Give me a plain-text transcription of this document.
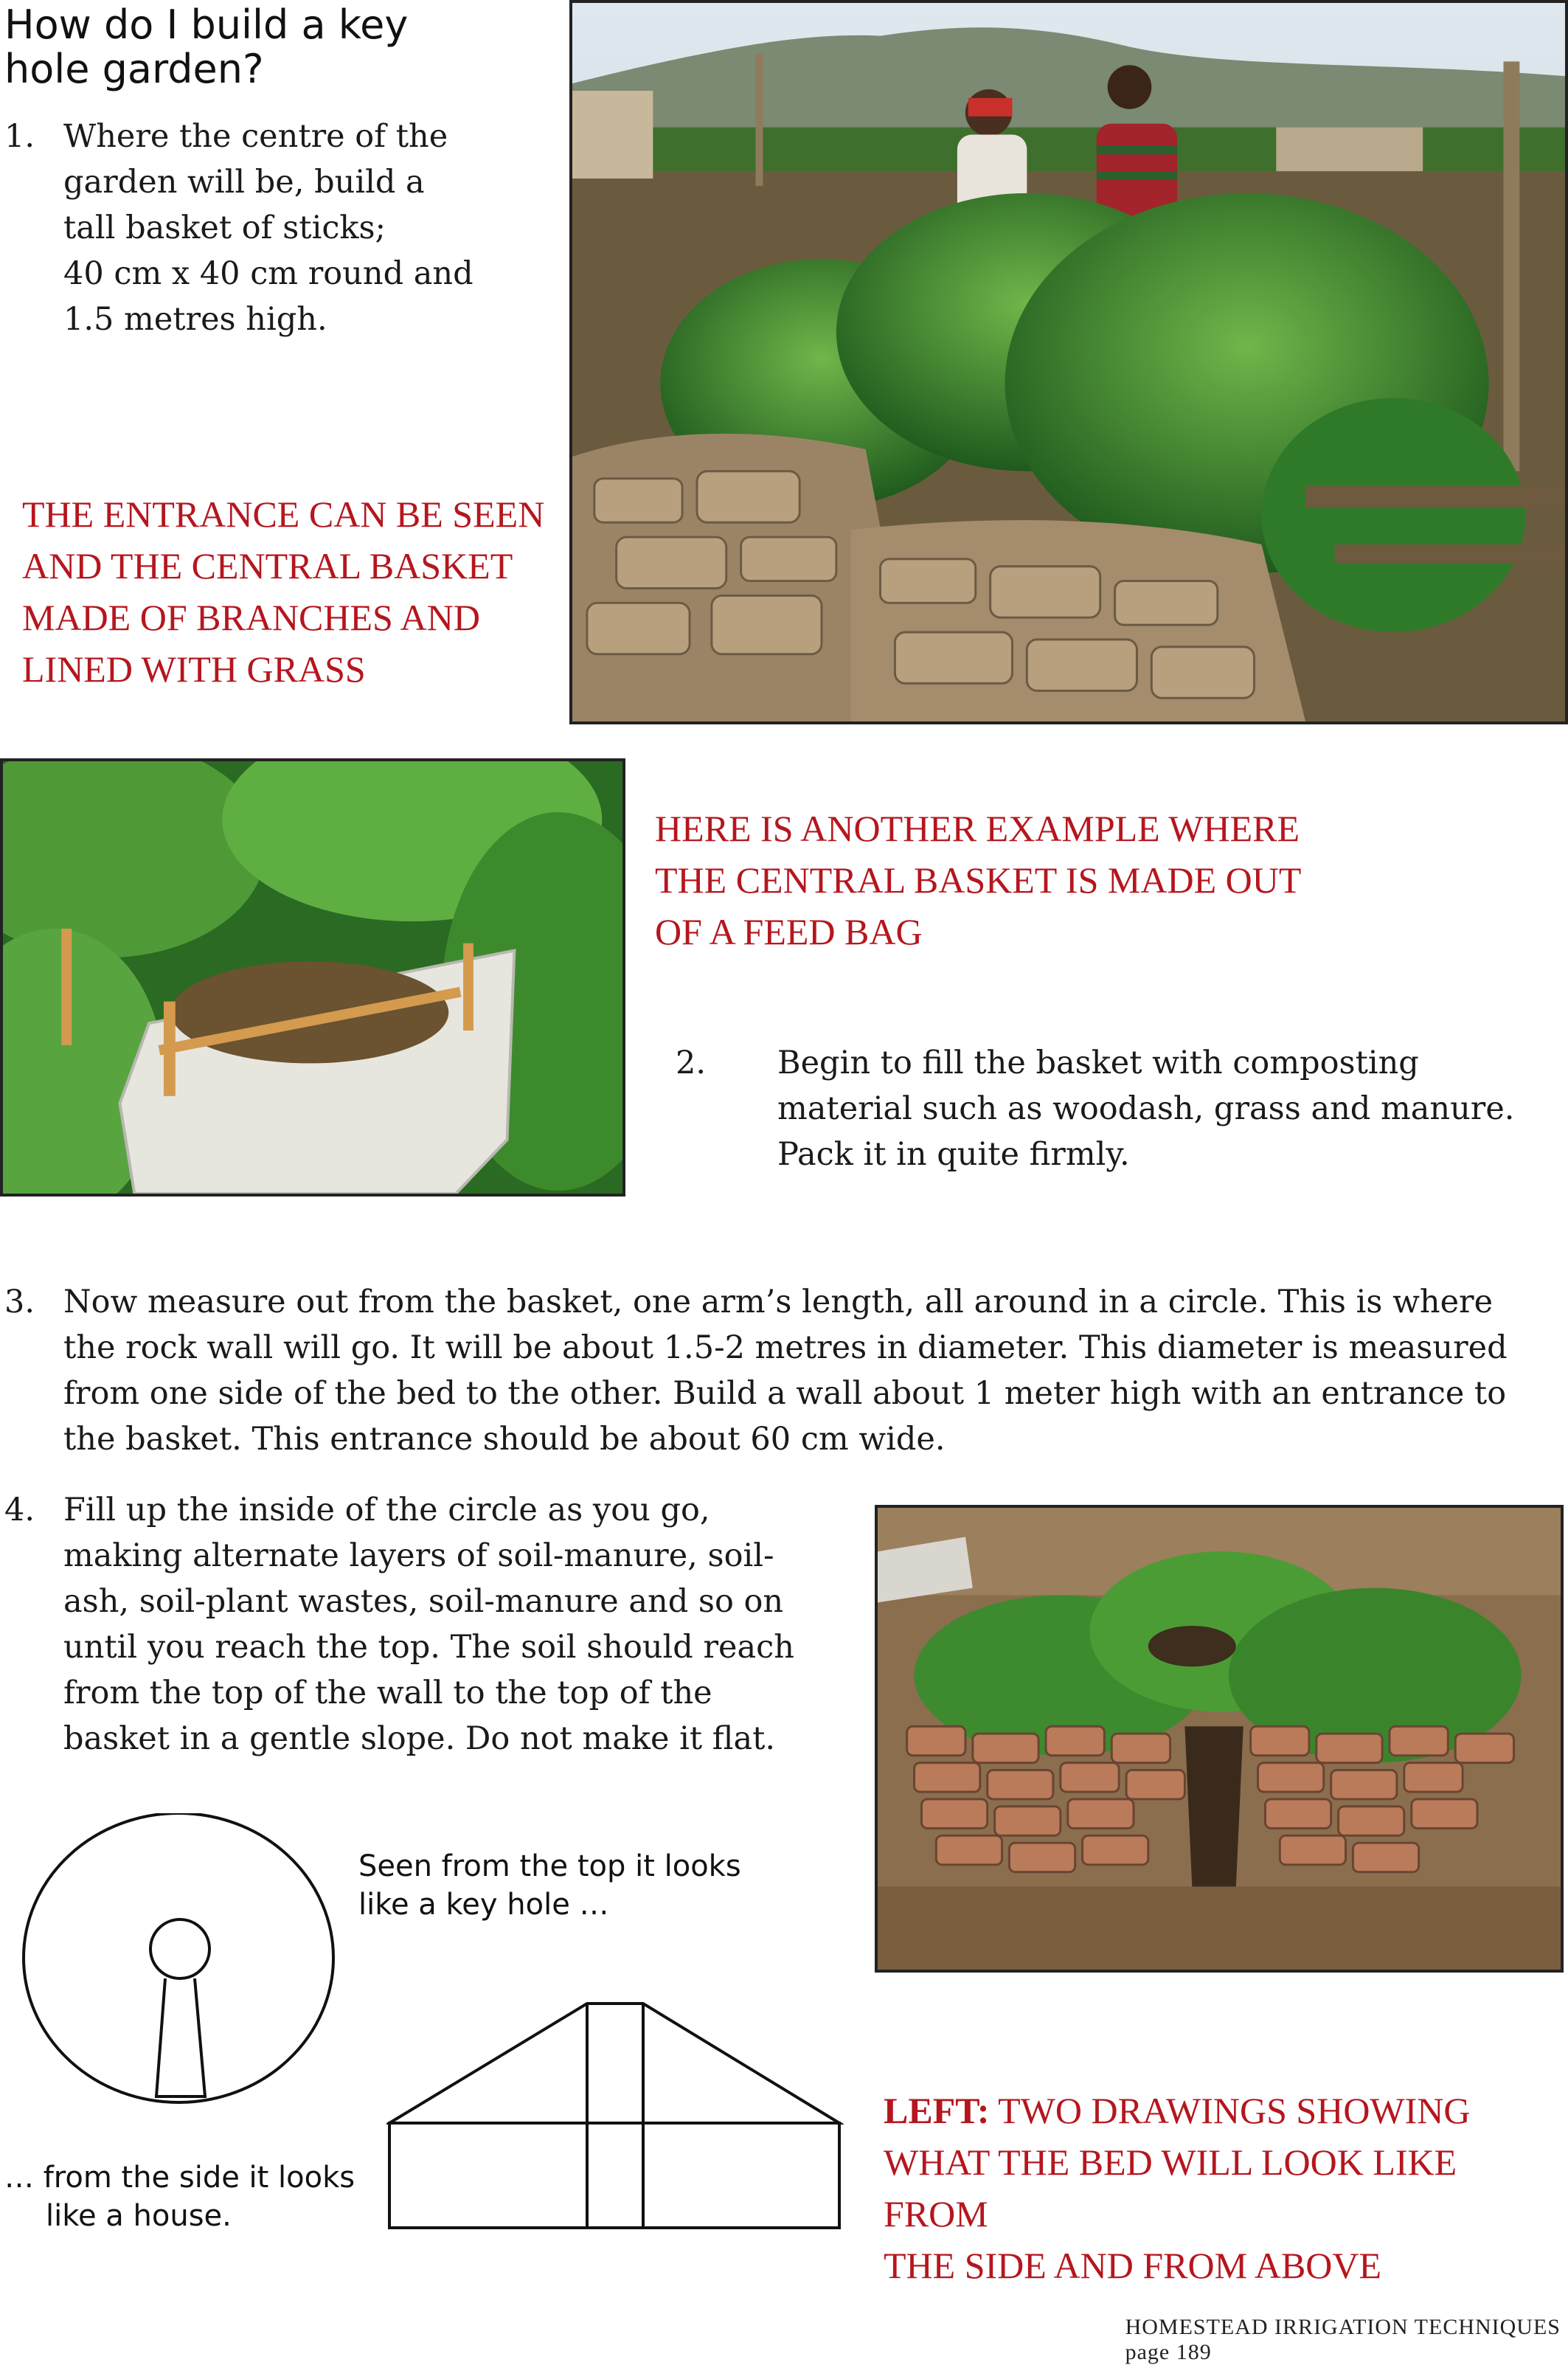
How do I build a key
hole garden?
1. Where the centre of the
garden will be, build a
tall basket of sticks;
40 cm x 40 cm round and
1.5 metres high.
THE ENTRANCE CAN BE SEEN
AND THE CENTRAL BASKET
MADE OF BRANCHES AND
LINED WITH GRASS
HERE IS ANOTHER EXAMPLE WHERE
THE CENTRAL BASKET IS MADE OUT
OF A FEED BAG
2. Begin to fill the basket with composting
material such as woodash, grass and manure.
Pack it in quite firmly.
3. Now measure out from the basket, one arm’s length, all around in a circle. This is where
the rock wall will go. It will be about 1.5-2 metres in diameter. This diameter is measured
from one side of the bed to the other. Build a wall about 1 meter high with an entrance to
the basket. This entrance should be about 60 cm wide.
4. Fill up the inside of the circle as you go,
making alternate layers of soil-manure, soil-
ash, soil-plant wastes, soil-manure and so on
until you reach the top. The soil should reach
from the top of the wall to the top of the
basket in a gentle slope. Do not make it flat.
Seen from the top it looks
like a key hole …
… from the side it looks
like a house.
LEFT: TWO DRAWINGS SHOWING
WHAT THE BED WILL LOOK LIKE FROM
THE SIDE AND FROM ABOVE

HOMESTEAD IRRIGATION TECHNIQUES
page 189
